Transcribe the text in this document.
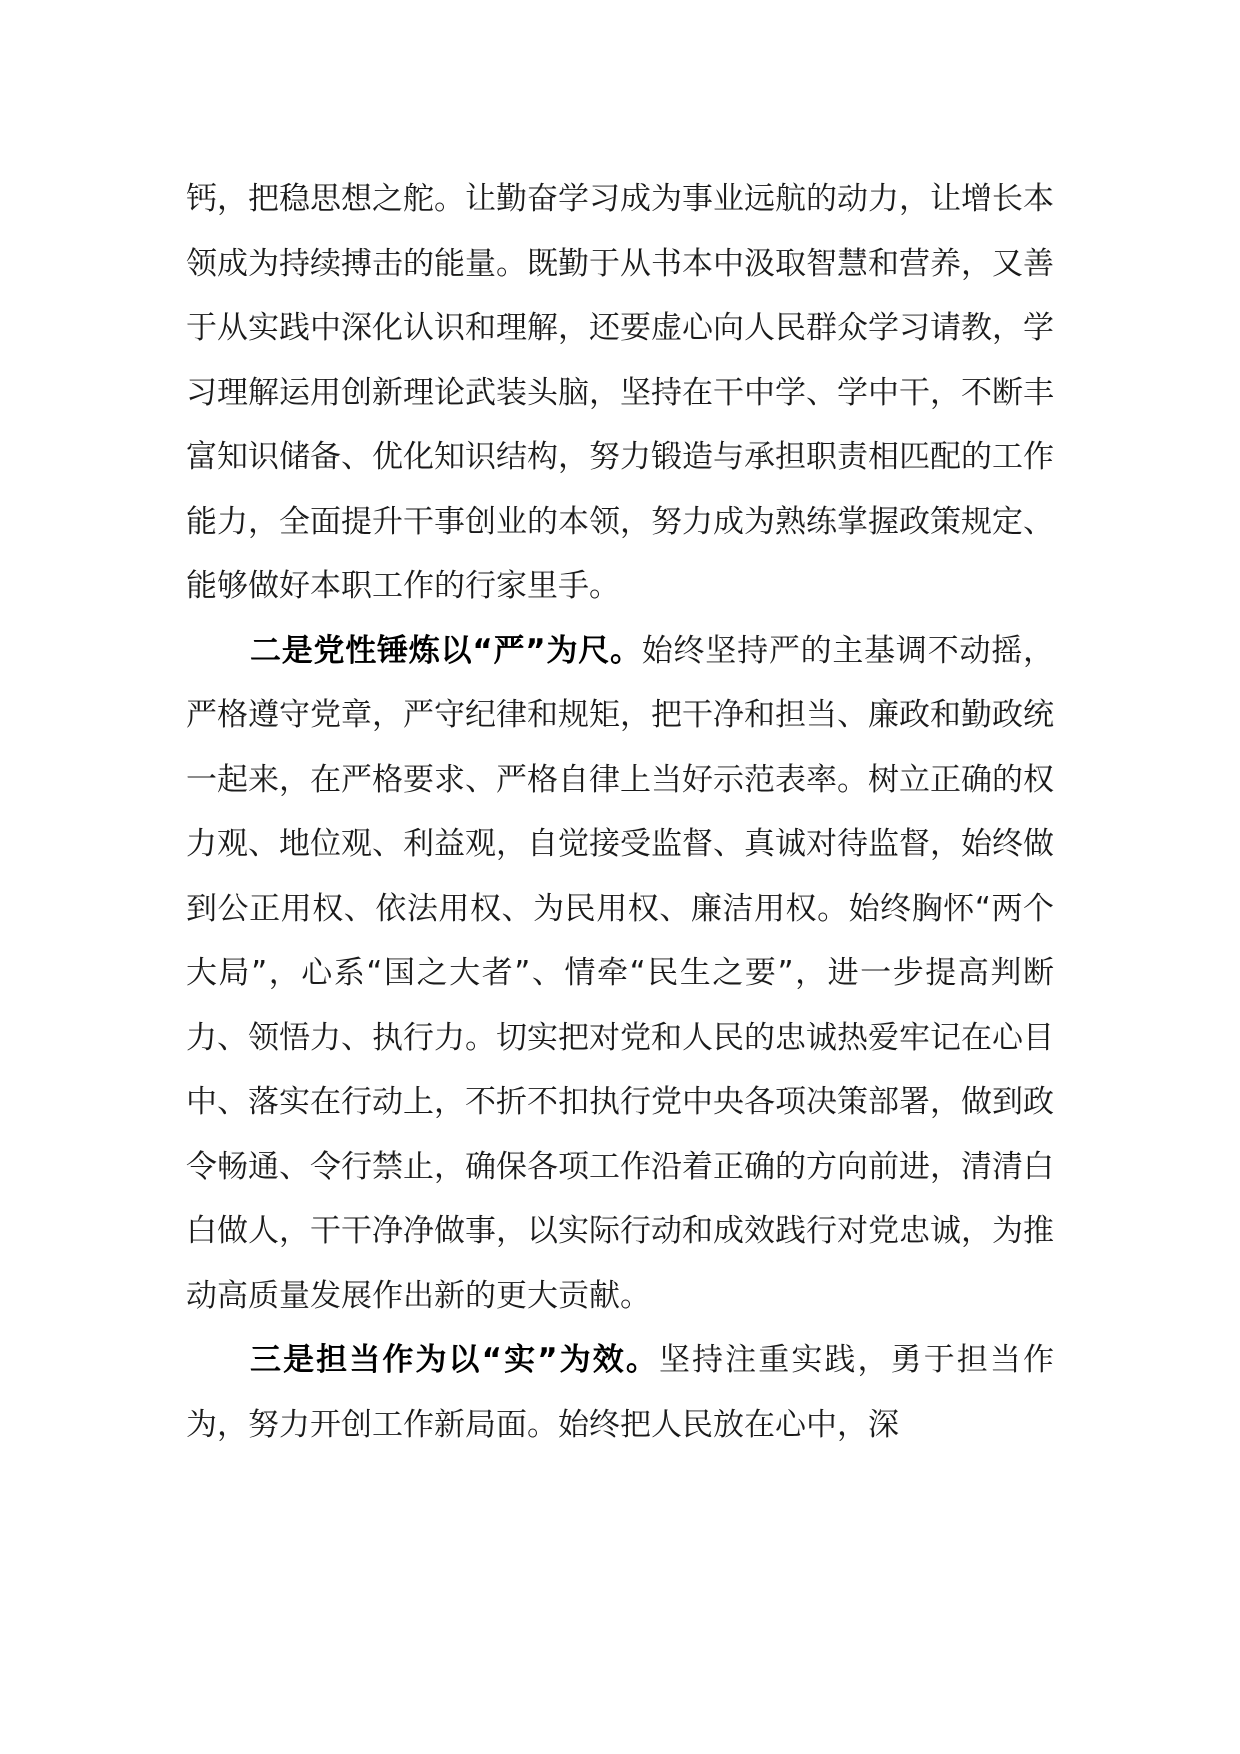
钙，把稳思想之舵。让勤奋学习成为事业远航的动力，让增长本领成为持续搏击的能量。既勤于从书本中汲取智慧和营养，又善于从实践中深化认识和理解，还要虚心向人民群众学习请教，学习理解运用创新理论武装头脑，坚持在干中学、学中干，不断丰富知识储备、优化知识结构，努力锻造与承担职责相匹配的工作能力，全面提升干事创业的本领，努力成为熟练掌握政策规定、能够做好本职工作的行家里手。

二是党性锤炼以“严”为尺。始终坚持严的主基调不动摇，严格遵守党章，严守纪律和规矩，把干净和担当、廉政和勤政统一起来，在严格要求、严格自律上当好示范表率。树立正确的权力观、地位观、利益观，自觉接受监督、真诚对待监督，始终做到公正用权、依法用权、为民用权、廉洁用权。始终胸怀“两个大局”，心系“国之大者”、情牵“民生之要”，进一步提高判断力、领悟力、执行力。切实把对党和人民的忠诚热爱牢记在心目中、落实在行动上，不折不扣执行党中央各项决策部署，做到政令畅通、令行禁止，确保各项工作沿着正确的方向前进，清清白白做人，干干净净做事，以实际行动和成效践行对党忠诚，为推动高质量发展作出新的更大贡献。

三是担当作为以“实”为效。坚持注重实践，勇于担当作为，努力开创工作新局面。始终把人民放在心中，深
